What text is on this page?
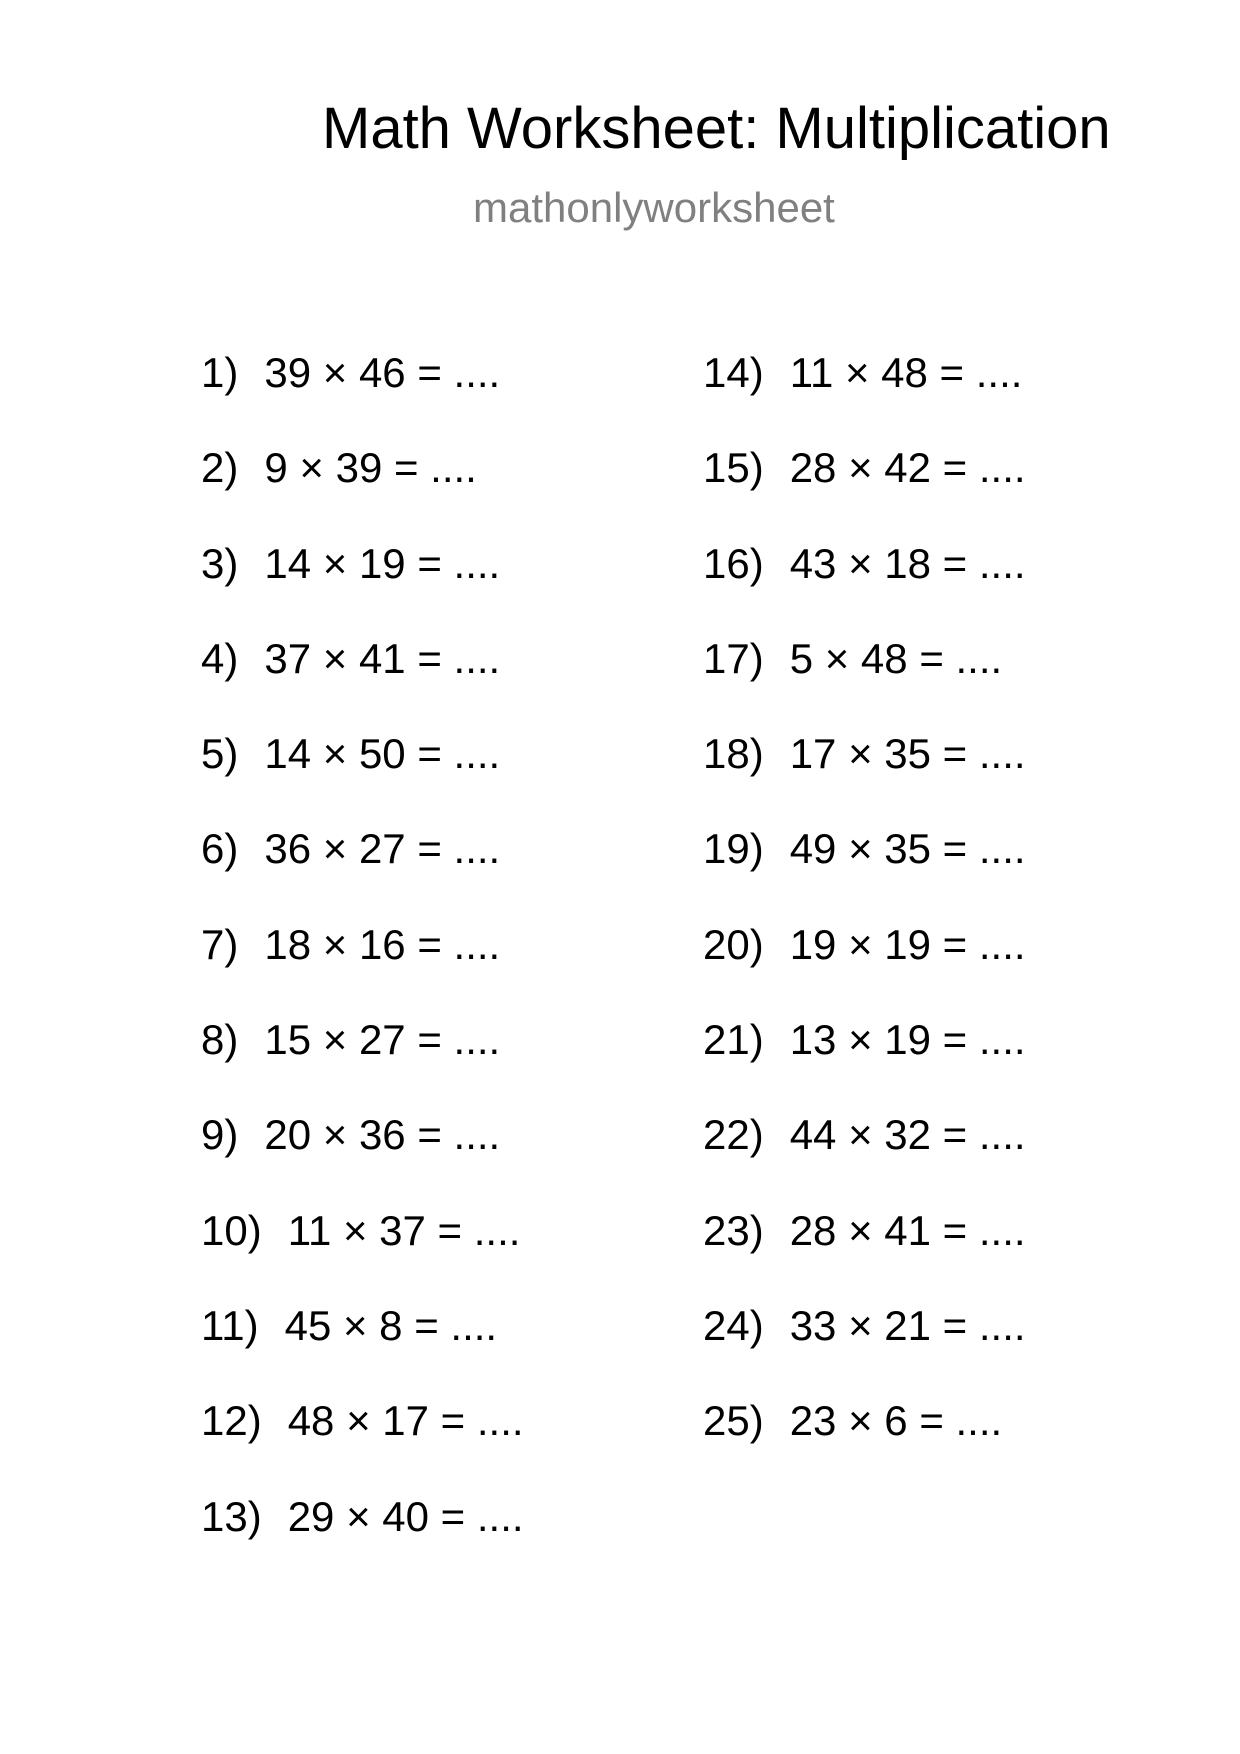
Math Worksheet: Multiplication
mathonlyworksheet
1) 39 × 46 = ....
2) 9 × 39 = ....
3) 14 × 19 = ....
4) 37 × 41 = ....
5) 14 × 50 = ....
6) 36 × 27 = ....
7) 18 × 16 = ....
8) 15 × 27 = ....
9) 20 × 36 = ....
10) 11 × 37 = ....
11) 45 × 8 = ....
12) 48 × 17 = ....
13) 29 × 40 = ....
14) 11 × 48 = ....
15) 28 × 42 = ....
16) 43 × 18 = ....
17) 5 × 48 = ....
18) 17 × 35 = ....
19) 49 × 35 = ....
20) 19 × 19 = ....
21) 13 × 19 = ....
22) 44 × 32 = ....
23) 28 × 41 = ....
24) 33 × 21 = ....
25) 23 × 6 = ....
